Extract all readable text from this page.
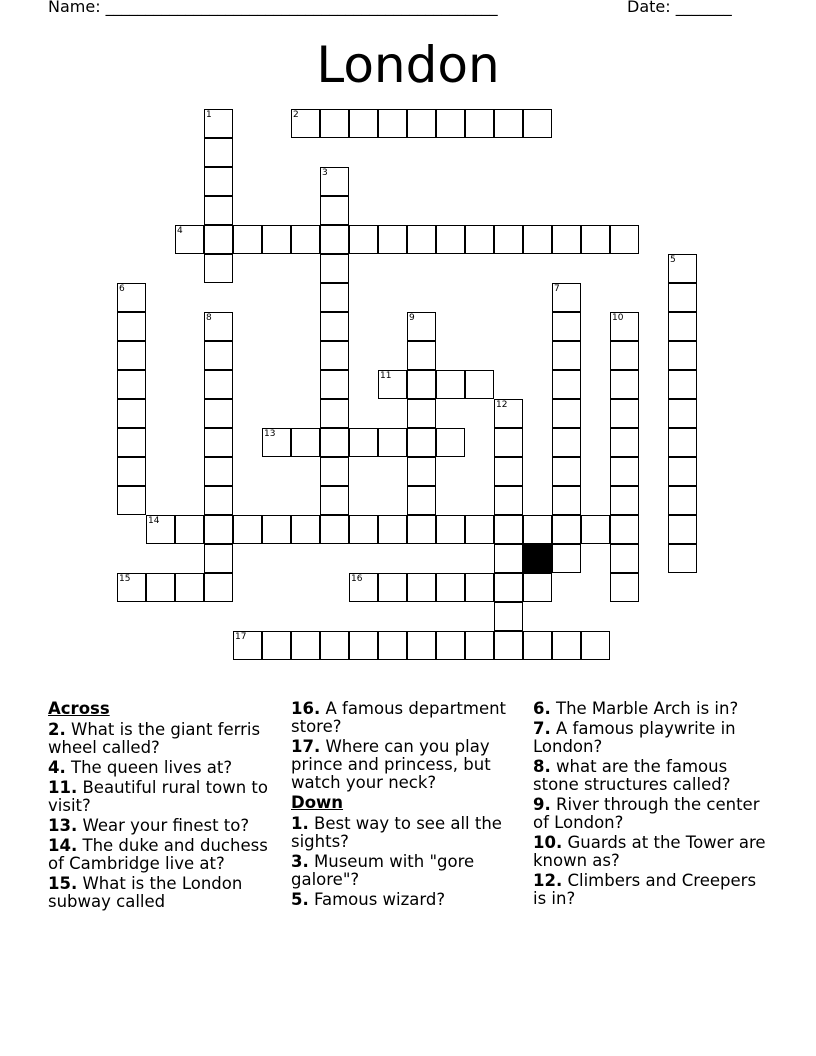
Name: _________________________________________________	Date: _______
London
1	2
3
4
5
6	7
8	9	10
11
12
13
14
15	16
17
Across
2. What is the giant ferris wheel called?
4. The queen lives at?
11. Beautiful rural town to visit?
13. Wear your finest to?
14. The duke and duchess of Cambridge live at?
15. What is the London subway called
16. A famous department store?
17. Where can you play prince and princess, but watch your neck?
Down
1. Best way to see all the sights?
3. Museum with "gore galore"?
5. Famous wizard?
6. The Marble Arch is in?
7. A famous playwrite in London?
8. what are the famous stone structures called?
9. River through the center of London?
10. Guards at the Tower are known as?
12. Climbers and Creepers is in?
